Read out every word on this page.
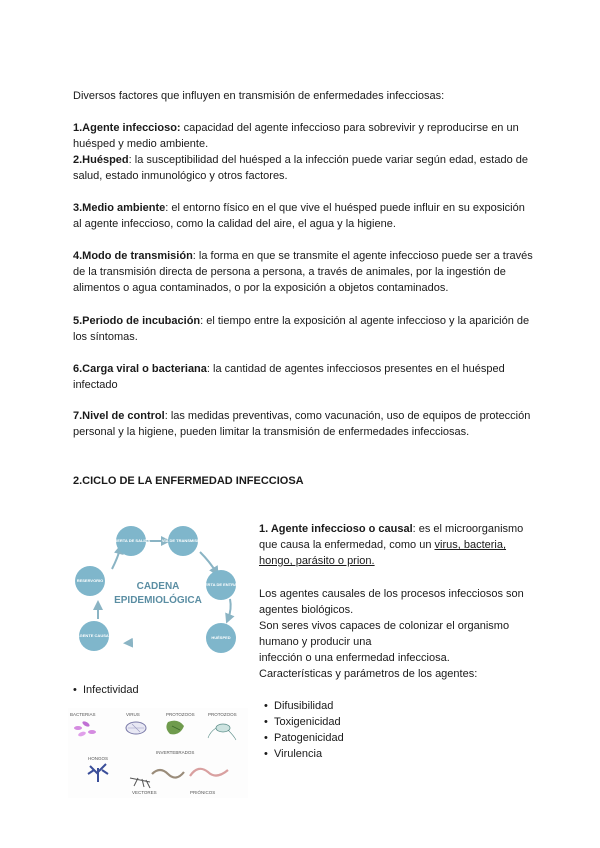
Diversos factores que influyen en transmisión de enfermedades infecciosas:

1.Agente infeccioso: capacidad del agente infeccioso para sobrevivir y reproducirse en un huésped y medio ambiente.

2.Huésped: la susceptibilidad del huésped a la infección puede variar según edad, estado de salud, estado inmunológico y otros factores.

3.Medio ambiente: el entorno físico en el que vive el huésped puede influir en su exposición al agente infeccioso, como la calidad del aire, el agua y la higiene.

4.Modo de transmisión: la forma en que se transmite el agente infeccioso puede ser a través de la transmisión directa de persona a persona, a través de animales, por la ingestión de alimentos o agua contaminados, o por la exposición a objetos contaminados.

5.Periodo de incubación: el tiempo entre la exposición al agente infeccioso y la aparición de los síntomas.

6.Carga viral o bacteriana: la cantidad de agentes infecciosos presentes en el huésped infectado

7.Nivel de control: las medidas preventivas, como vacunación, uso de equipos de protección personal y la higiene, pueden limitar la transmisión de enfermedades infecciosas.

2.CICLO DE LA ENFERMEDAD INFECCIOSA

PUERTA DE SALIDA	VÍA DE TRANSMISIÓN
PUERTA DE ENTRADA
HUÉSPED
AGENTE CAUSAL
RESERVORIO
CADENA
EPIDEMIOLÓGICA
• Infectividad
BACTERIAS	VIRUS	PROTOZOOS	PROTOZOOS
HONGOS
INVERTEBRADOS
VECTORES	PRIÓNICOS

1. Agente infeccioso o causal: es el microorganismo que causa la enfermedad, como un virus, bacteria, hongo, parásito o prion.

Los agentes causales de los procesos infecciosos son agentes biológicos.

Son seres vivos capaces de colonizar el organismo humano y producir una

infección o una enfermedad infecciosa.

Características y parámetros de los agentes:

• Difusibilidad
• Toxigenicidad
• Patogenicidad
• Virulencia
